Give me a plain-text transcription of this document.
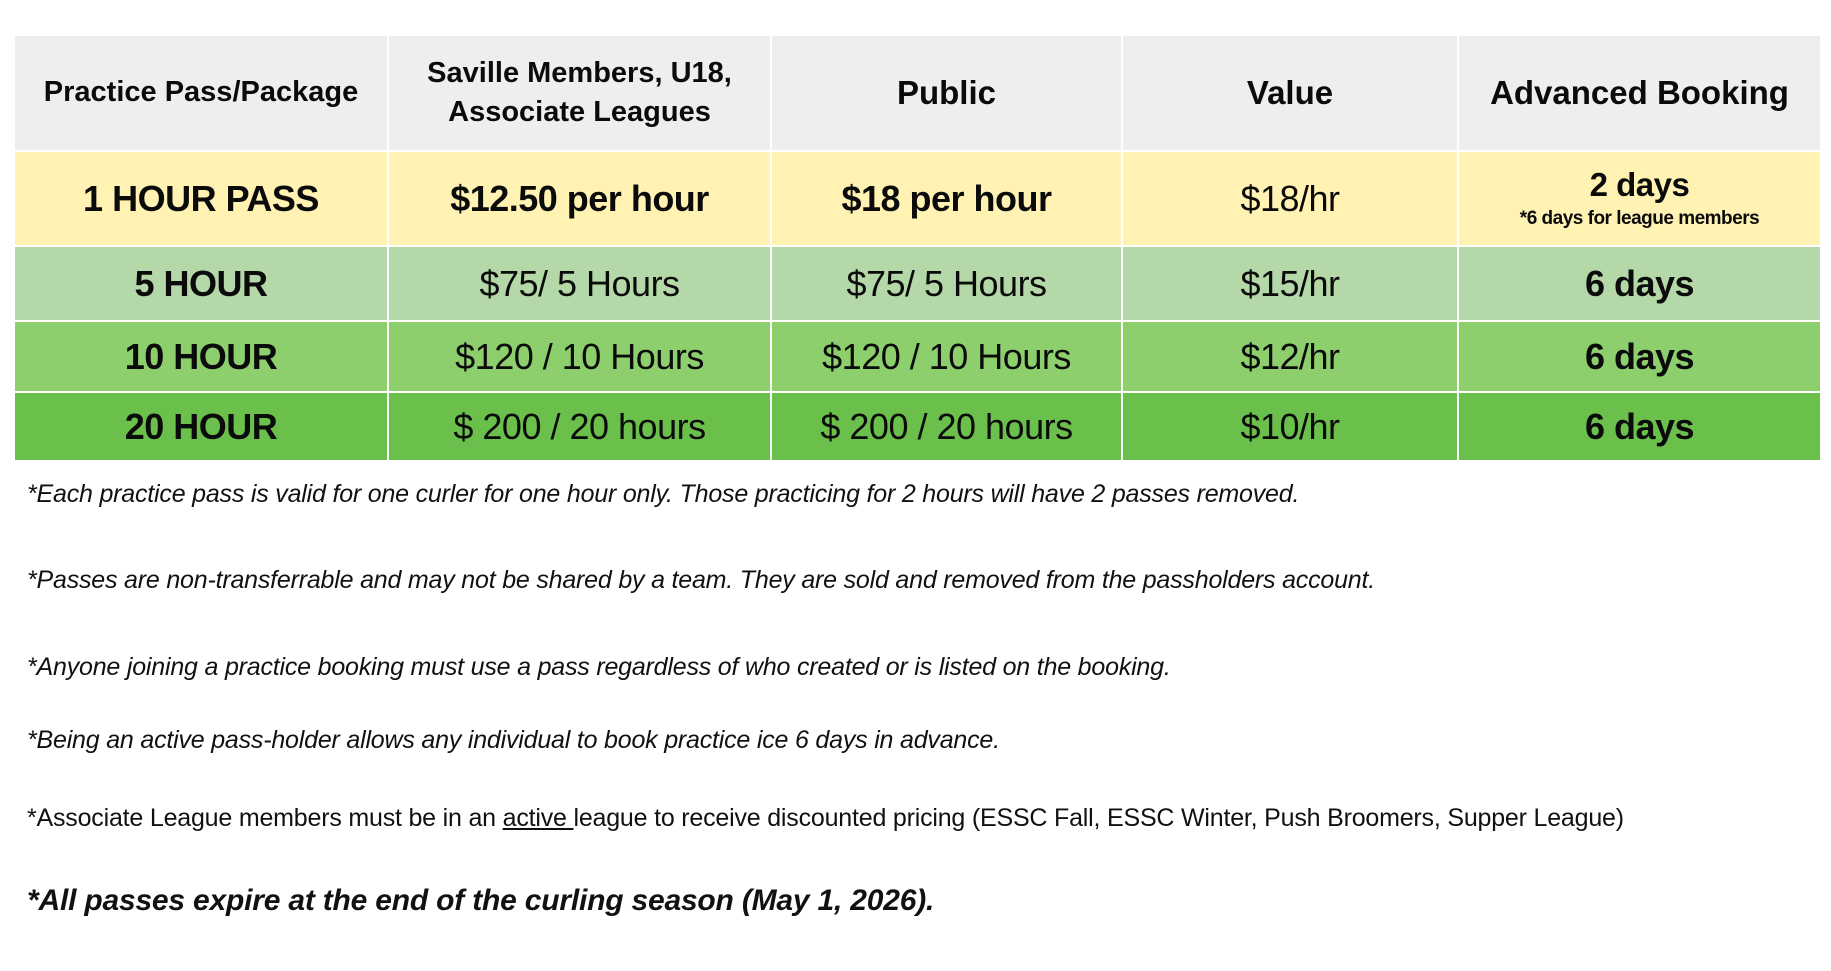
Practice Pass/Package	Saville Members, U18, Associate Leagues	Public	Value	Advanced Booking
1 HOUR PASS	$12.50 per hour	$18 per hour	$18/hr	2 days
*6 days for league members

5 HOUR	$75/ 5 Hours	$75/ 5 Hours	$15/hr	6 days
10 HOUR	$120 / 10 Hours	$120 / 10 Hours	$12/hr	6 days
20 HOUR	$ 200 / 20 hours	$ 200 / 20 hours	$10/hr	6 days
*Each practice pass is valid for one curler for one hour only. Those practicing for 2 hours will have 2 passes removed.
*Passes are non-transferrable and may not be shared by a team. They are sold and removed from the passholders account.
*Anyone joining a practice booking must use a pass regardless of who created or is listed on the booking.
*Being an active pass-holder allows any individual to book practice ice 6 days in advance.
*Associate League members must be in an active league to receive discounted pricing (ESSC Fall, ESSC Winter, Push Broomers, Supper League)
*All passes expire at the end of the curling season (May 1, 2026).
